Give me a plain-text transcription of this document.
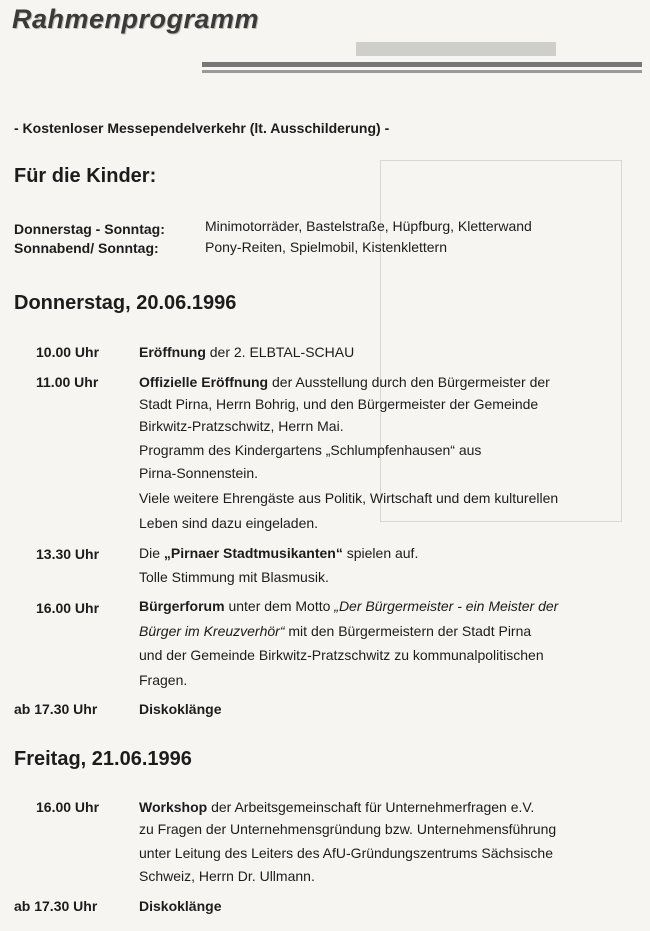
Rahmenprogramm
- Kostenloser Messependelverkehr (lt. Ausschilderung) -
Für die Kinder:
Donnerstag - Sonntag:	Minimotorräder, Bastelstraße, Hüpfburg, Kletterwand
Sonnabend/ Sonntag:	Pony-Reiten, Spielmobil, Kistenklettern
Donnerstag, 20.06.1996
10.00 Uhr	Eröffnung der 2. ELBTAL-SCHAU
11.00 Uhr	Offizielle Eröffnung der Ausstellung durch den Bürgermeister der
Stadt Pirna, Herrn Bohrig, und den Bürgermeister der Gemeinde
Birkwitz-Pratzschwitz, Herrn Mai.
Programm des Kindergartens „Schlumpfenhausen“ aus
Pirna-Sonnenstein.
Viele weitere Ehrengäste aus Politik, Wirtschaft und dem kulturellen
Leben sind dazu eingeladen.
13.30 Uhr	Die „Pirnaer Stadtmusikanten“ spielen auf.
Tolle Stimmung mit Blasmusik.
16.00 Uhr	Bürgerforum unter dem Motto „Der Bürgermeister - ein Meister der
Bürger im Kreuzverhör“ mit den Bürgermeistern der Stadt Pirna
und der Gemeinde Birkwitz-Pratzschwitz zu kommunalpolitischen
Fragen.
ab 17.30 Uhr	Diskoklänge
Freitag, 21.06.1996
16.00 Uhr	Workshop der Arbeitsgemeinschaft für Unternehmerfragen e.V.
zu Fragen der Unternehmensgründung bzw. Unternehmensführung
unter Leitung des Leiters des AfU-Gründungszentrums Sächsische
Schweiz, Herrn Dr. Ullmann.
ab 17.30 Uhr	Diskoklänge
